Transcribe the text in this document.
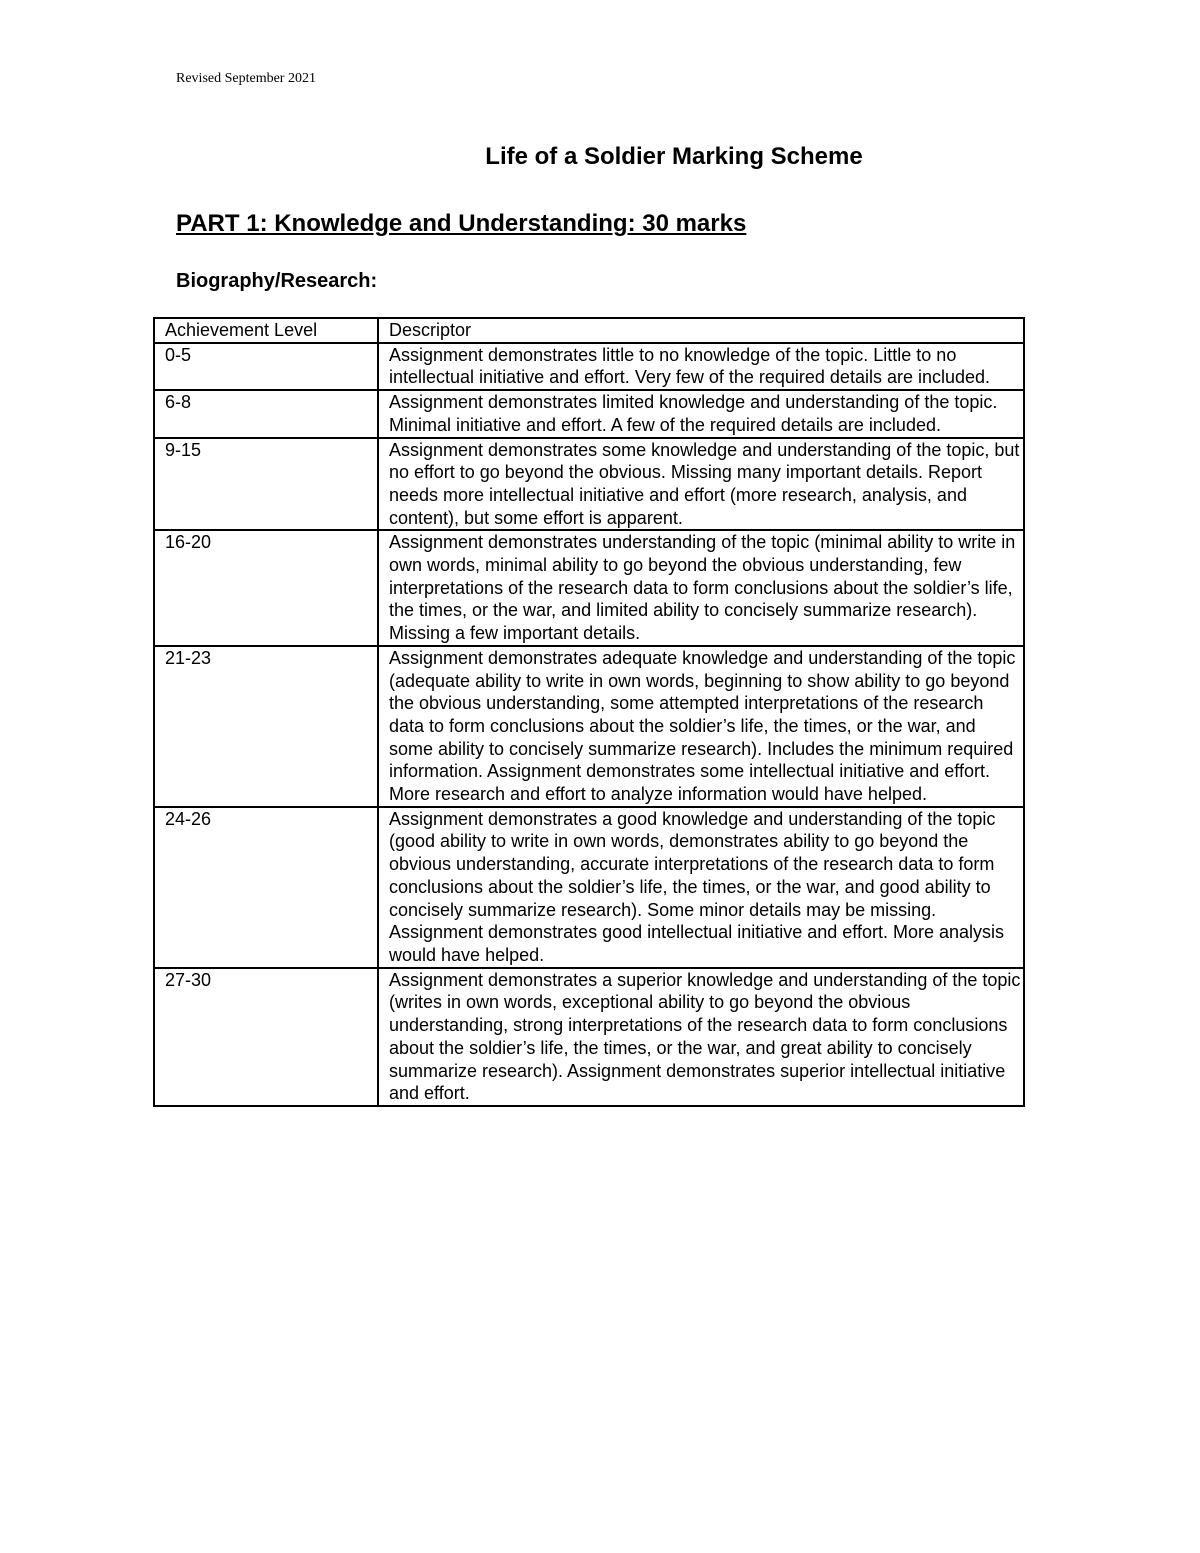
Revised September 2021
Life of a Soldier Marking Scheme
PART 1: Knowledge and Understanding: 30 marks
Biography/Research:
Achievement Level	Descriptor
0-5	Assignment demonstrates little to no knowledge of the topic. Little to no intellectual initiative and effort. Very few of the required details are included.
6-8	Assignment demonstrates limited knowledge and understanding of the topic. Minimal initiative and effort. A few of the required details are included.
9-15	Assignment demonstrates some knowledge and understanding of the topic, but no effort to go beyond the obvious. Missing many important details. Report needs more intellectual initiative and effort (more research, analysis, and content), but some effort is apparent.
16-20	Assignment demonstrates understanding of the topic (minimal ability to write in own words, minimal ability to go beyond the obvious understanding, few interpretations of the research data to form conclusions about the soldier’s life, the times, or the war, and limited ability to concisely summarize research). Missing a few important details.
21-23	Assignment demonstrates adequate knowledge and understanding of the topic (adequate ability to write in own words, beginning to show ability to go beyond the obvious understanding, some attempted interpretations of the research data to form conclusions about the soldier’s life, the times, or the war, and some ability to concisely summarize research). Includes the minimum required information. Assignment demonstrates some intellectual initiative and effort. More research and effort to analyze information would have helped.
24-26	Assignment demonstrates a good knowledge and understanding of the topic (good ability to write in own words, demonstrates ability to go beyond the obvious understanding, accurate interpretations of the research data to form conclusions about the soldier’s life, the times, or the war, and good ability to concisely summarize research). Some minor details may be missing. Assignment demonstrates good intellectual initiative and effort. More analysis would have helped.
27-30	Assignment demonstrates a superior knowledge and understanding of the topic (writes in own words, exceptional ability to go beyond the obvious understanding, strong interpretations of the research data to form conclusions about the soldier’s life, the times, or the war, and great ability to concisely summarize research). Assignment demonstrates superior intellectual initiative and effort.
